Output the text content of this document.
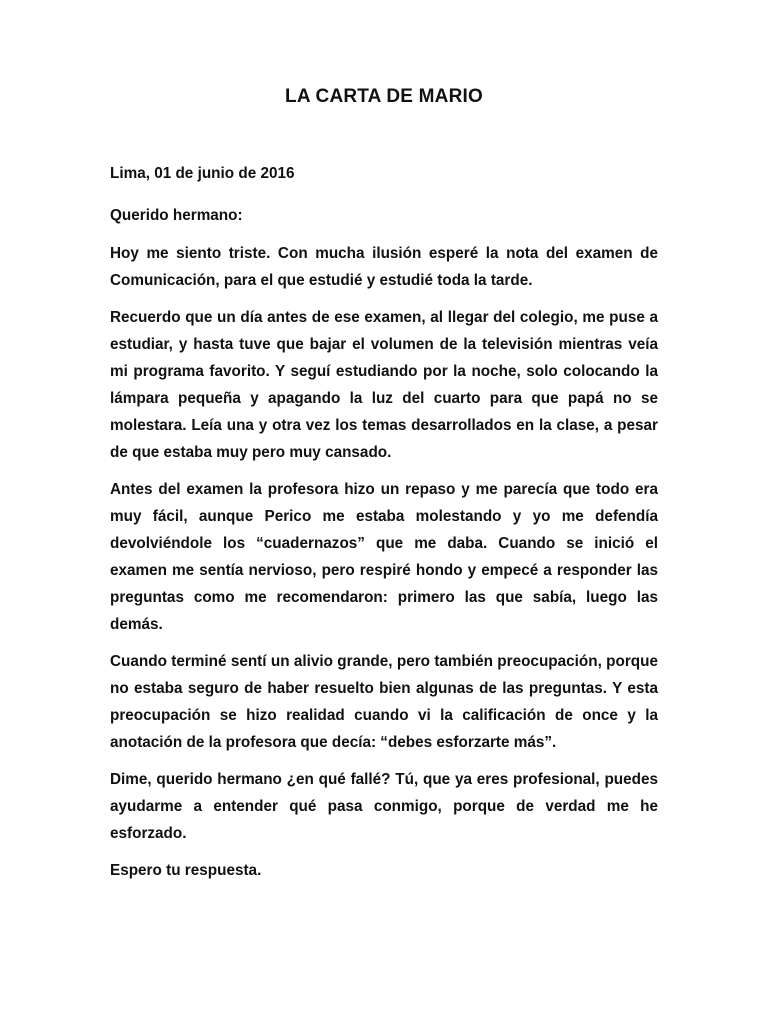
LA CARTA DE MARIO

Lima, 01 de junio de 2016

Querido hermano:

Hoy me siento triste. Con mucha ilusión esperé la nota del examen de Comunicación, para el que estudié y estudié toda la tarde.

Recuerdo que un día antes de ese examen, al llegar del colegio, me puse a estudiar, y hasta tuve que bajar el volumen de la televisión mientras veía mi programa favorito. Y seguí estudiando por la noche, solo colocando la lámpara pequeña y apagando la luz del cuarto para que papá no se molestara. Leía una y otra vez los temas desarrollados en la clase, a pesar de que estaba muy pero muy cansado.

Antes del examen la profesora hizo un repaso y me parecía que todo era muy fácil, aunque Perico me estaba molestando y yo me defendía devolviéndole los “cuadernazos” que me daba. Cuando se inició el examen me sentía nervioso, pero respiré hondo y empecé a responder las preguntas como me recomendaron: primero las que sabía, luego las demás.

Cuando terminé sentí un alivio grande, pero también preocupación, porque no estaba seguro de haber resuelto bien algunas de las preguntas. Y esta preocupación se hizo realidad cuando vi la calificación de once y la anotación de la profesora que decía: “debes esforzarte más”.

Dime, querido hermano ¿en qué fallé? Tú, que ya eres profesional, puedes ayudarme a entender qué pasa conmigo, porque de verdad me he esforzado.

Espero tu respuesta.
